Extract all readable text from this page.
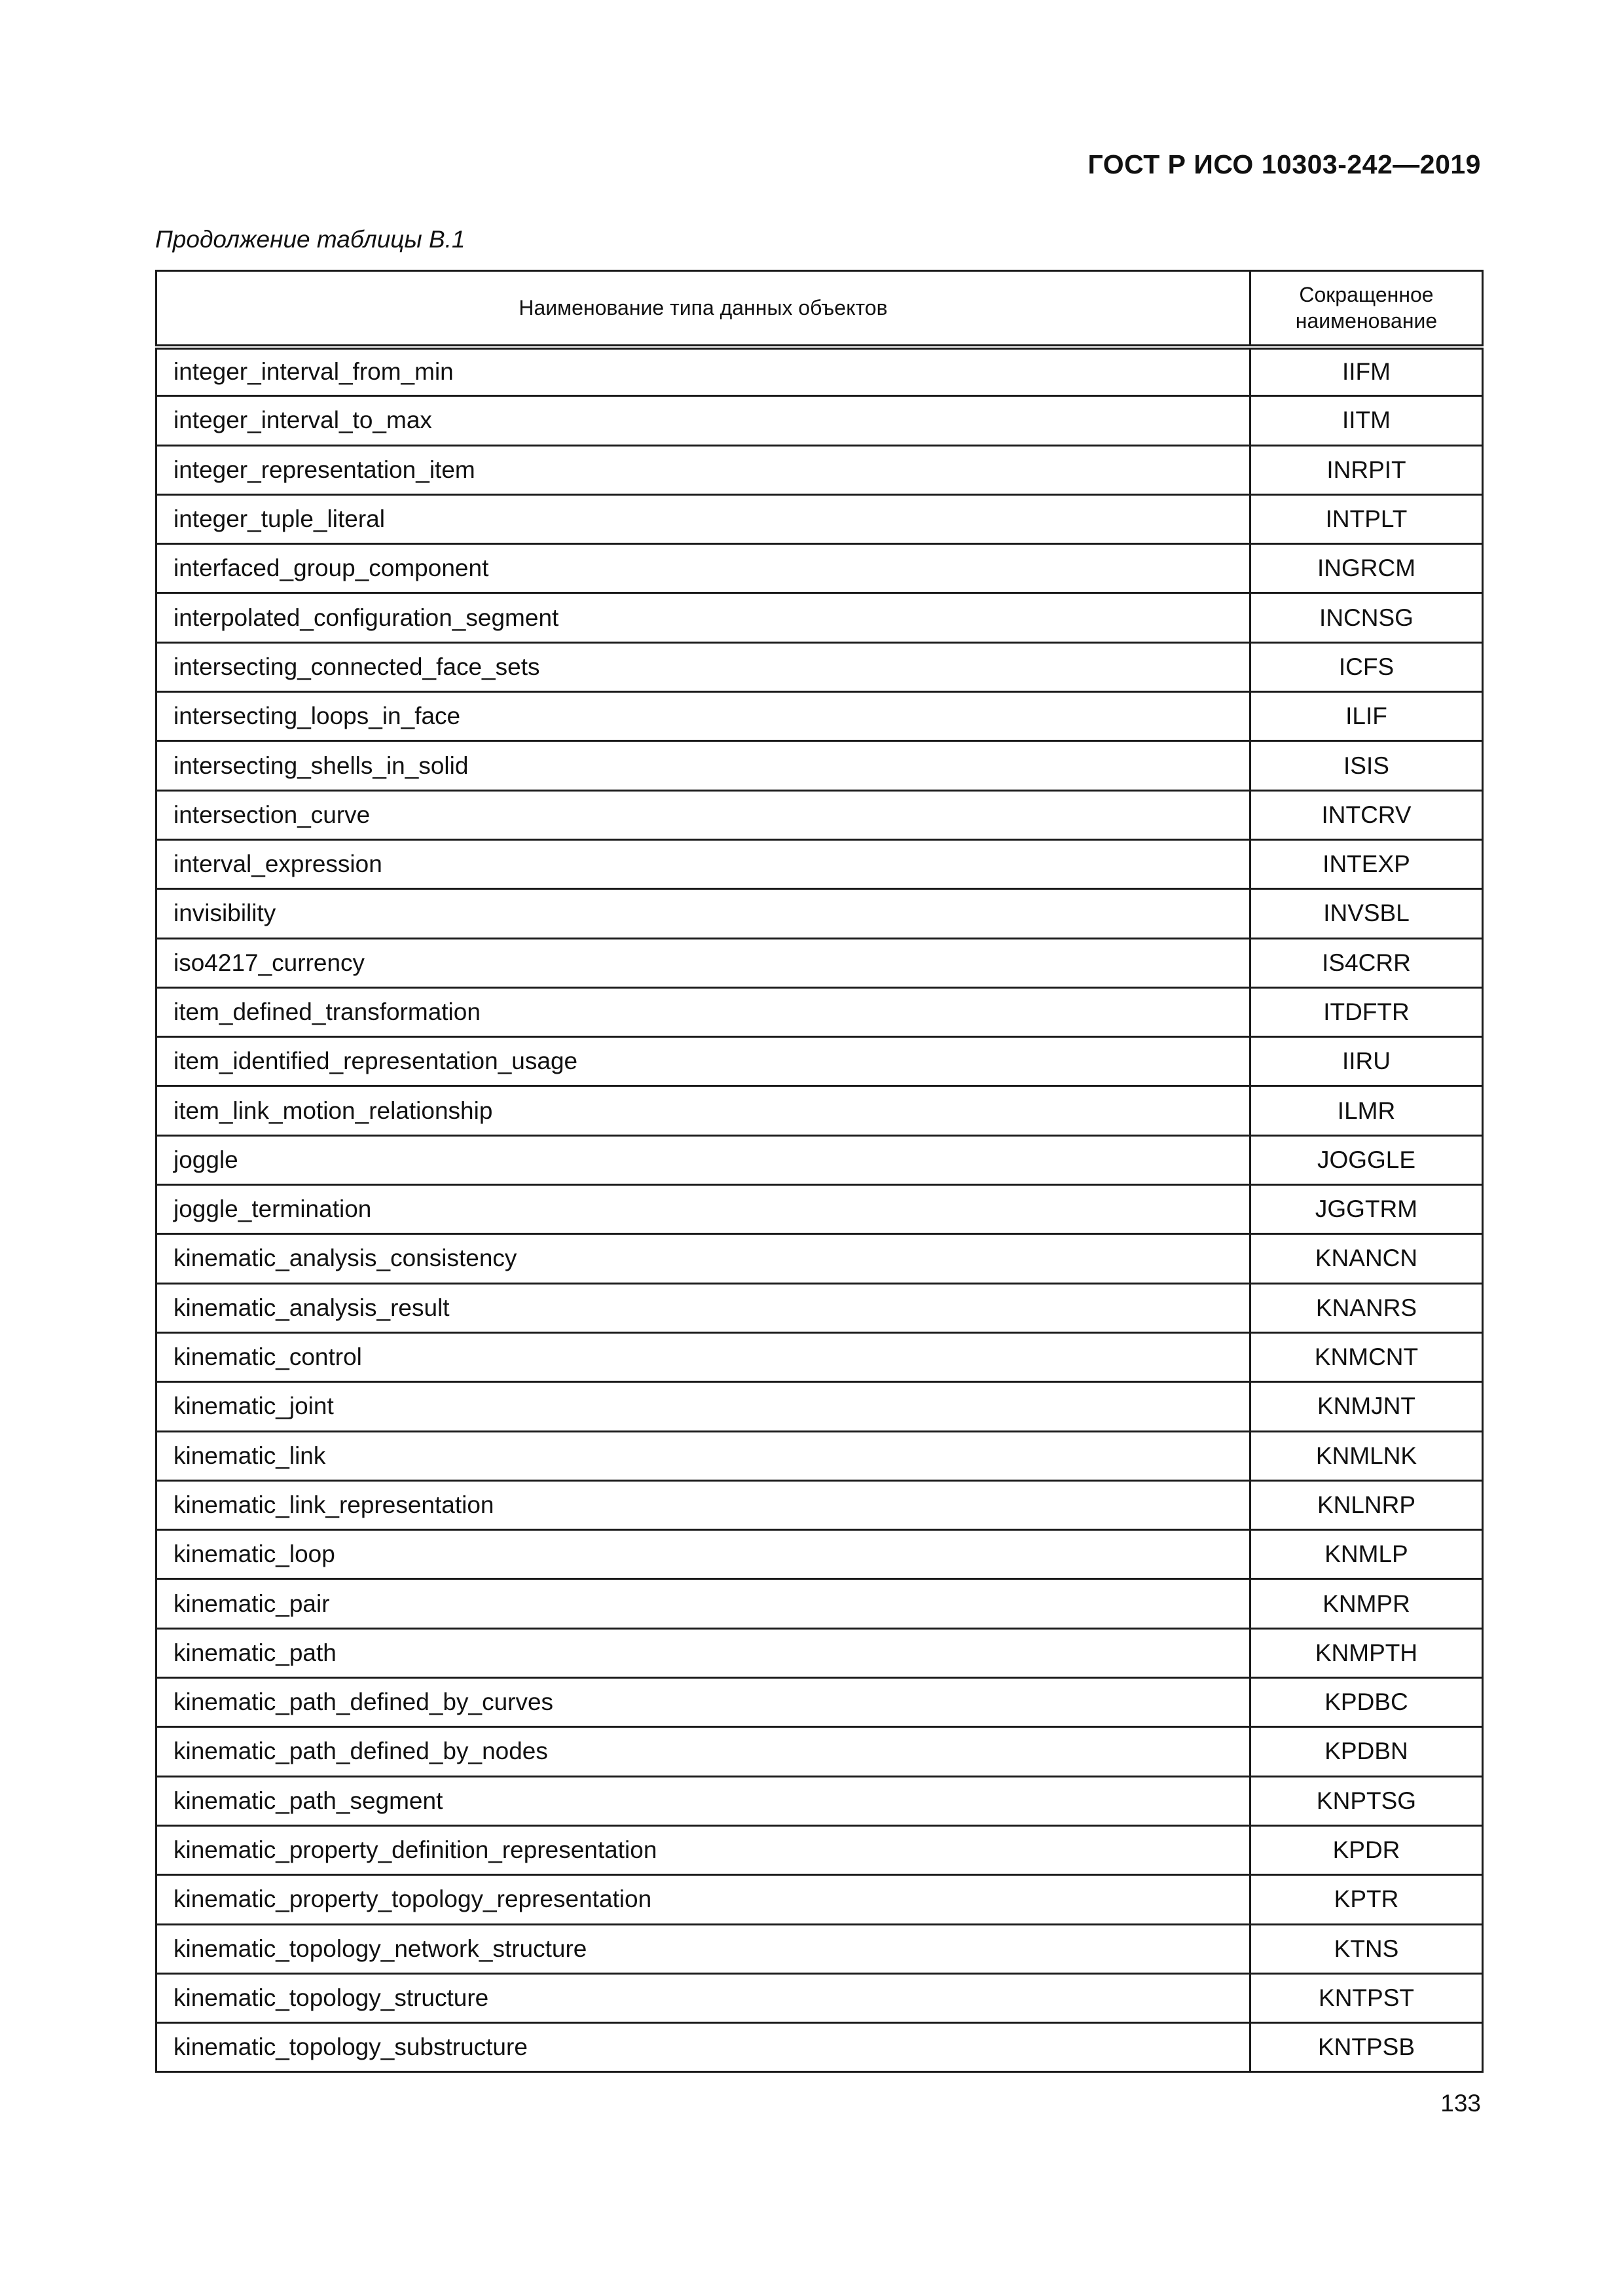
ГОСТ Р ИСО 10303-242—2019
Продолжение таблицы В.1
Наименование типа данных объектов	Сокращенное
наименование
integer_interval_from_min	IIFM
integer_interval_to_max	IITM
integer_representation_item	INRPIT
integer_tuple_literal	INTPLT
interfaced_group_component	INGRCM
interpolated_configuration_segment	INCNSG
intersecting_connected_face_sets	ICFS
intersecting_loops_in_face	ILIF
intersecting_shells_in_solid	ISIS
intersection_curve	INTCRV
interval_expression	INTEXP
invisibility	INVSBL
iso4217_currency	IS4CRR
item_defined_transformation	ITDFTR
item_identified_representation_usage	IIRU
item_link_motion_relationship	ILMR
joggle	JOGGLE
joggle_termination	JGGTRM
kinematic_analysis_consistency	KNANCN
kinematic_analysis_result	KNANRS
kinematic_control	KNMCNT
kinematic_joint	KNMJNT
kinematic_link	KNMLNK
kinematic_link_representation	KNLNRP
kinematic_loop	KNMLP
kinematic_pair	KNMPR
kinematic_path	KNMPTH
kinematic_path_defined_by_curves	KPDBC
kinematic_path_defined_by_nodes	KPDBN
kinematic_path_segment	KNPTSG
kinematic_property_definition_representation	KPDR
kinematic_property_topology_representation	KPTR
kinematic_topology_network_structure	KTNS
kinematic_topology_structure	KNTPST
kinematic_topology_substructure	KNTPSB
133
